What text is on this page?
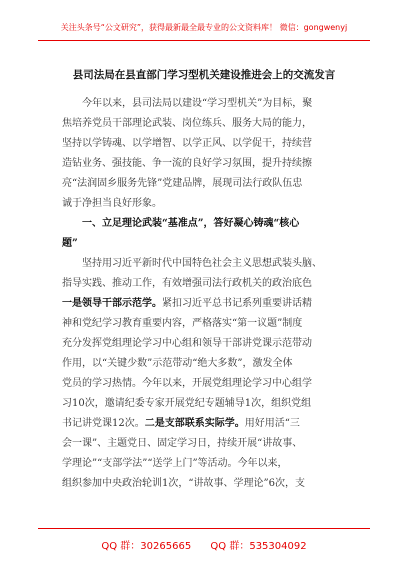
关注头条号“公文研究”，获得最新最全最专业的公文资料库！ 微信：gongwenyj
县司法局在县直部门学习型机关建设推进会上的交流发言
今年以来，县司法局以建设“学习型机关”为目标，聚
焦培养党员干部理论武装、岗位练兵、服务大局的能力，
坚持以学铸魂、以学增智、以学正风、以学促干，持续营
造钻业务、强技能、争一流的良好学习氛围，提升持续擦
亮“法润固乡服务先锋”党建品牌，展现司法行政队伍忠
诚于净担当良好形象。
一、立足理论武装“基准点”，答好凝心铸魂“核心
题”
坚持用习近平新时代中国特色社会主义思想武装头脑、
指导实践、推动工作，有效增强司法行政机关的政治底色
一是领导干部示范学。紧扣习近平总书记系列重要讲话精
神和党纪学习教育重要内容，严格落实“第一议题”制度
充分发挥党组理论学习中心组和领导干部讲党课示范带动
作用，以“关键少数”示范带动“绝大多数”，激发全体
党员的学习热情。今年以来，开展党组理论学习中心组学
习10次，邀请纪委专家开展党纪专题辅导1次，组织党组
书记讲党课12次。二是支部联系实际学。用好用活“三
会一课”、主题党日、固定学习日，持续开展“讲故事、
学理论”“支部学法”“送学上门”等活动。今年以来，
组织参加中央政治轮训1次，“讲故事、学理论”6次，支
QQ 群：30265665 QQ 群：535304092
